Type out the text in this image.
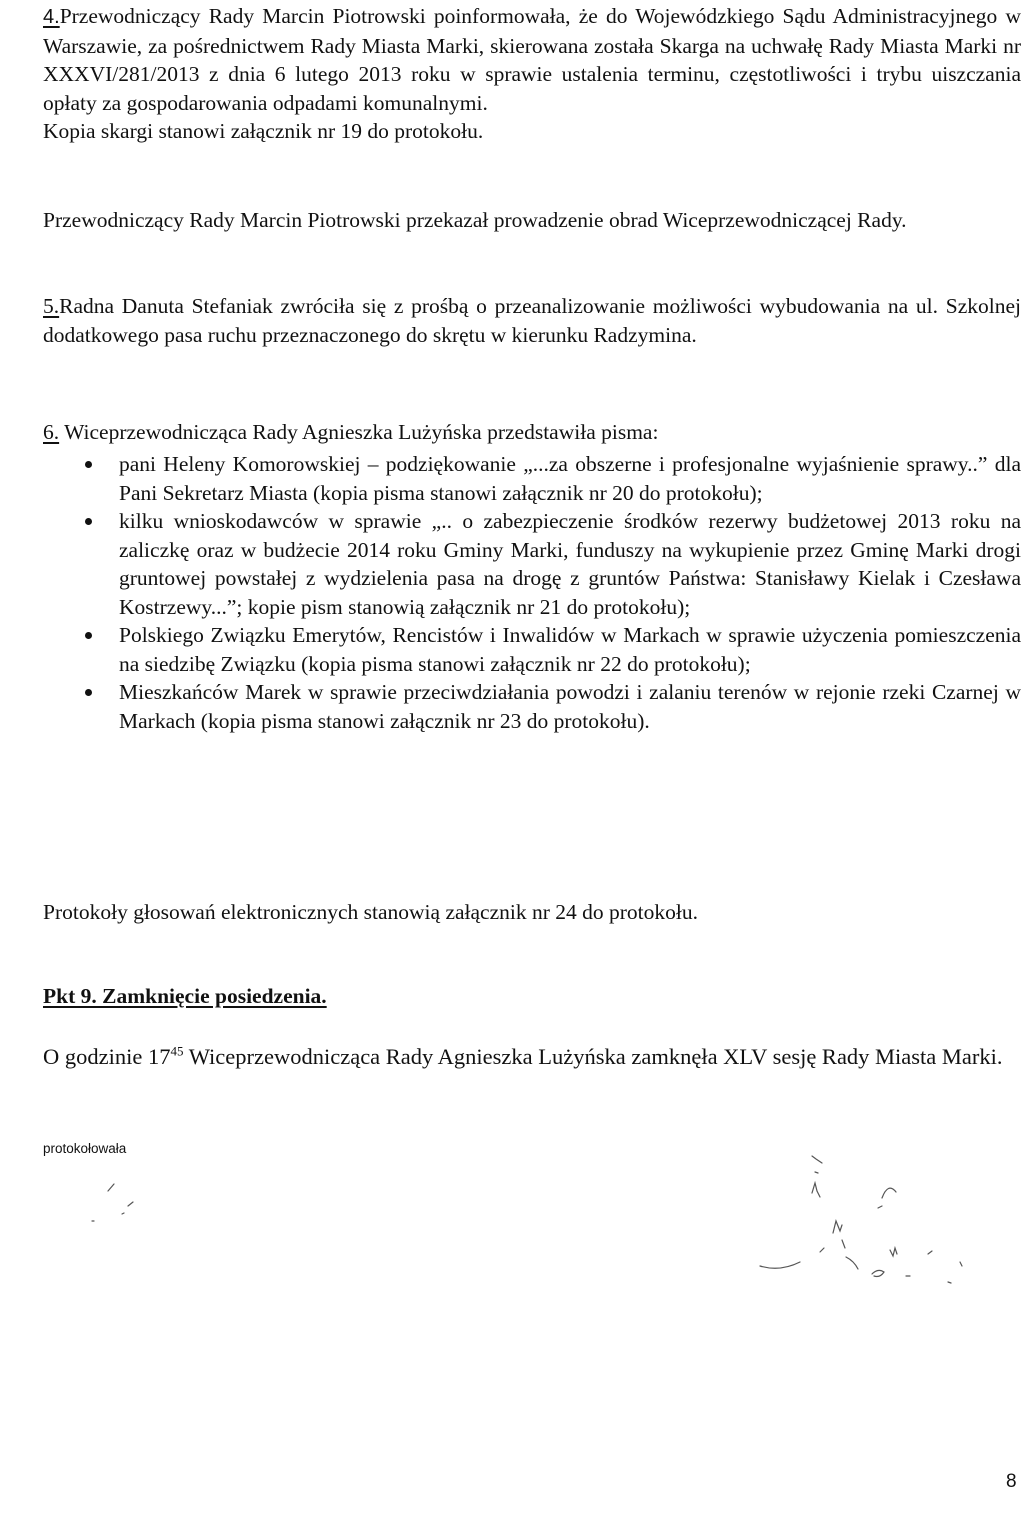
4.Przewodniczący Rady Marcin Piotrowski poinformowała, że do Wojewódzkiego Sądu Administracyjnego w Warszawie, za pośrednictwem Rady Miasta Marki, skierowana została Skarga na uchwałę Rady Miasta Marki nr XXXVI/281/2013 z dnia 6 lutego 2013 roku w sprawie ustalenia terminu, częstotliwości i trybu uiszczania opłaty za gospodarowania odpadami komunalnymi.

Kopia skargi stanowi załącznik nr 19 do protokołu.

Przewodniczący Rady Marcin Piotrowski przekazał prowadzenie obrad Wiceprzewodniczącej Rady.

5.Radna Danuta Stefaniak zwróciła się z prośbą o przeanalizowanie możliwości wybudowania na ul. Szkolnej dodatkowego pasa ruchu przeznaczonego do skrętu w kierunku Radzymina.

6. Wiceprzewodnicząca Rady Agnieszka Lużyńska przedstawiła pisma:

pani Heleny Komorowskiej – podziękowanie „...za obszerne i profesjonalne wyjaśnienie sprawy..” dla Pani Sekretarz Miasta (kopia pisma stanowi załącznik nr 20 do protokołu);
kilku wnioskodawców w sprawie „.. o zabezpieczenie środków rezerwy budżetowej 2013 roku na zaliczkę oraz w budżecie 2014 roku Gminy Marki, funduszy na wykupienie przez Gminę Marki drogi gruntowej powstałej z wydzielenia pasa na drogę z gruntów Państwa: Stanisławy Kielak i Czesława Kostrzewy...”; kopie pism stanowią załącznik nr 21 do protokołu);
Polskiego Związku Emerytów, Rencistów i Inwalidów w Markach w sprawie użyczenia pomieszczenia na siedzibę Związku (kopia pisma stanowi załącznik nr 22 do protokołu);
Mieszkańców Marek w sprawie przeciwdziałania powodzi i zalaniu terenów w rejonie rzeki Czarnej w Markach (kopia pisma stanowi załącznik nr 23 do protokołu).

Protokoły głosowań elektronicznych stanowią załącznik nr 24 do protokołu.

Pkt 9. Zamknięcie posiedzenia.

O godzinie $17^{45}$ Wiceprzewodnicząca Rady Agnieszka Lużyńska zamknęła XLV sesję Rady Miasta Marki.

protokołowała
8
